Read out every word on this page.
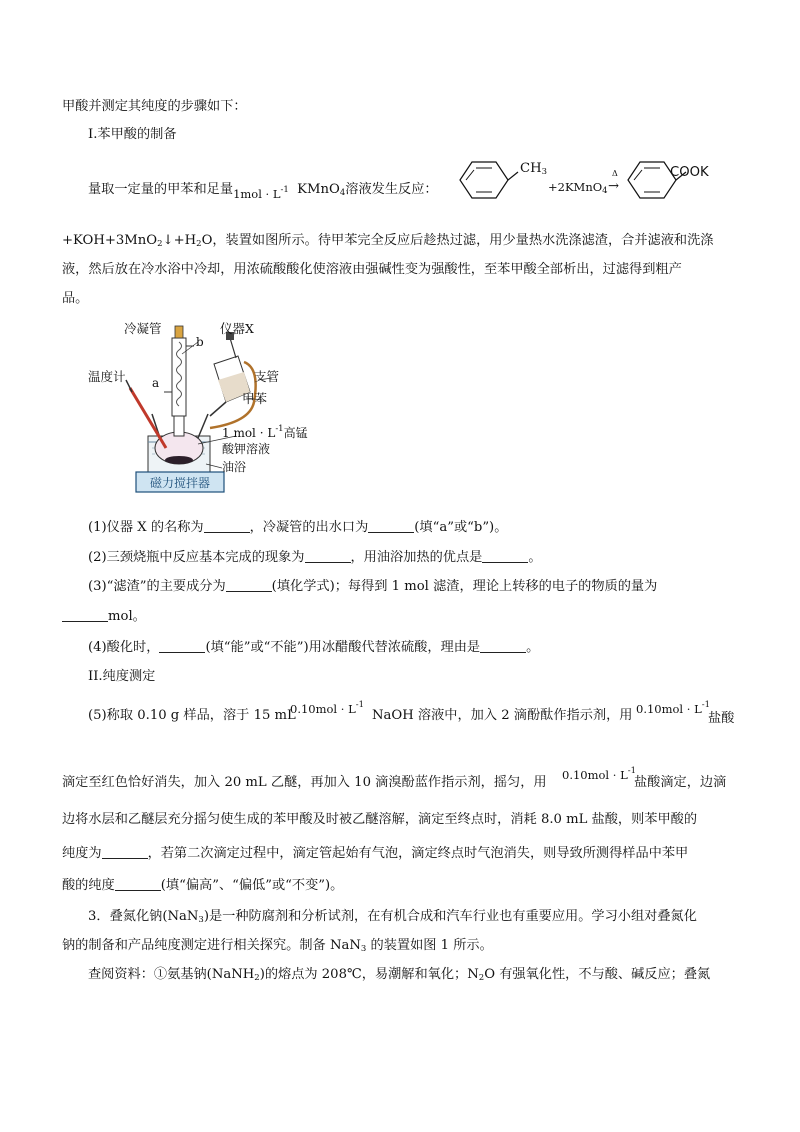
甲酸并测定其纯度的步骤如下：
I.苯甲酸的制备
量取一定量的甲苯和足量$1mol \cdot L^{-1}$ KMnO$_4$溶液发生反应：
$CH_3$
+2KMnO$_4$
Δ
→
COOK
$+KOH+3MnO_2↓+H_2O$，装置如图所示。待甲苯完全反应后趁热过滤，用少量热水洗涤滤渣，合并滤液和洗涤
液，然后放在冷水浴中冷却，用浓硫酸酸化使溶液由强碱性变为强酸性，至苯甲酸全部析出，过滤得到粗产
品。
冷凝管	仪器X
b
a
温度计	支管
甲苯
1 mol · $L^{-1}$高锰
酸钾溶液
油浴
磁力搅拌器
(1)仪器 X 的名称为	，冷凝管的出水口为	(填“a”或“b”)。
(2)三颈烧瓶中反应基本完成的现象为	，用油浴加热的优点是	。
(3)“滤渣”的主要成分为	(填化学式)；每得到 1 mol 滤渣，理论上转移的电子的物质的量为
mol。
(4)酸化时，	(填“能”或“不能”)用冰醋酸代替浓硫酸，理由是	。
II.纯度测定
(5)称取 0.10 g 样品，溶于 15 mL
$0.10mol \cdot L^{-1}$
NaOH 溶液中，加入 2 滴酚酞作指示剂，用 $0.10mol \cdot L^{-1}$
盐酸
滴定至红色恰好消失，加入 20 mL 乙醚，再加入 10 滴溴酚蓝作指示剂，摇匀，用 $0.10mol \cdot L^{-1}$
盐酸滴定，边滴
边将水层和乙醚层充分摇匀使生成的苯甲酸及时被乙醚溶解，滴定至终点时，消耗 8.0 mL 盐酸，则苯甲酸的
纯度为	，若第二次滴定过程中，滴定管起始有气泡，滴定终点时气泡消失，则导致所测得样品中苯甲
酸的纯度	(填“偏高”、“偏低”或“不变”)。
3．叠氮化钠(NaN$_3$)是一种防腐剂和分析试剂，在有机合成和汽车行业也有重要应用。学习小组对叠氮化
钠的制备和产品纯度测定进行相关探究。制备 NaN$_3$ 的装置如图 1 所示。
查阅资料：①氨基钠(NaNH$_2$)的熔点为 208℃，易潮解和氧化；$N_2O$ 有强氧化性，不与酸、碱反应；叠氮
